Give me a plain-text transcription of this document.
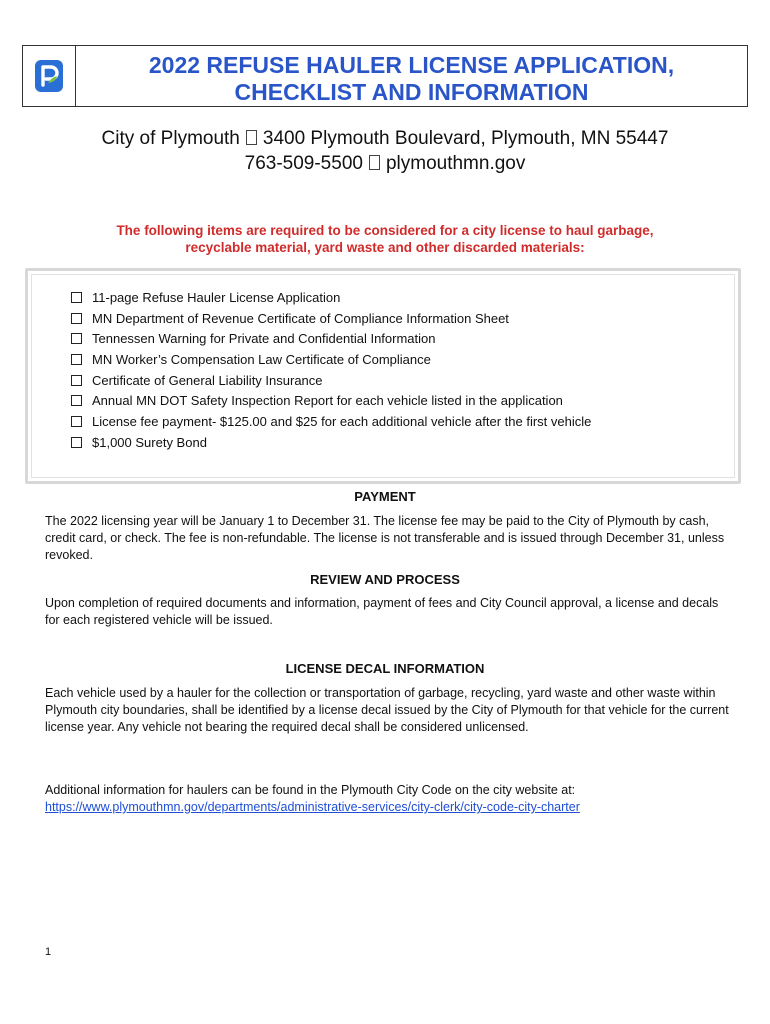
2022 REFUSE HAULER LICENSE APPLICATION,
CHECKLIST AND INFORMATION
City of Plymouth 3400 Plymouth Boulevard, Plymouth, MN 55447
763-509-5500 plymouthmn.gov
The following items are required to be considered for a city license to haul garbage,
recyclable material, yard waste and other discarded materials:
11-page Refuse Hauler License Application
MN Department of Revenue Certificate of Compliance Information Sheet
Tennessen Warning for Private and Confidential Information
MN Worker’s Compensation Law Certificate of Compliance
Certificate of General Liability Insurance
Annual MN DOT Safety Inspection Report for each vehicle listed in the application
License fee payment- $125.00 and $25 for each additional vehicle after the first vehicle
$1,000 Surety Bond
PAYMENT
The 2022 licensing year will be January 1 to December 31. The license fee may be paid to the City of Plymouth by cash, credit card, or check. The fee is non-refundable. The license is not transferable and is issued through December 31, unless revoked.
REVIEW AND PROCESS
Upon completion of required documents and information, payment of fees and City Council approval, a license and decals for each registered vehicle will be issued.
LICENSE DECAL INFORMATION
Each vehicle used by a hauler for the collection or transportation of garbage, recycling, yard waste and other waste within Plymouth city boundaries, shall be identified by a license decal issued by the City of Plymouth for that vehicle for the current license year. Any vehicle not bearing the required decal shall be considered unlicensed.
Additional information for haulers can be found in the Plymouth City Code on the city website at:
https://www.plymouthmn.gov/departments/administrative-services/city-clerk/city-code-city-charter
1
